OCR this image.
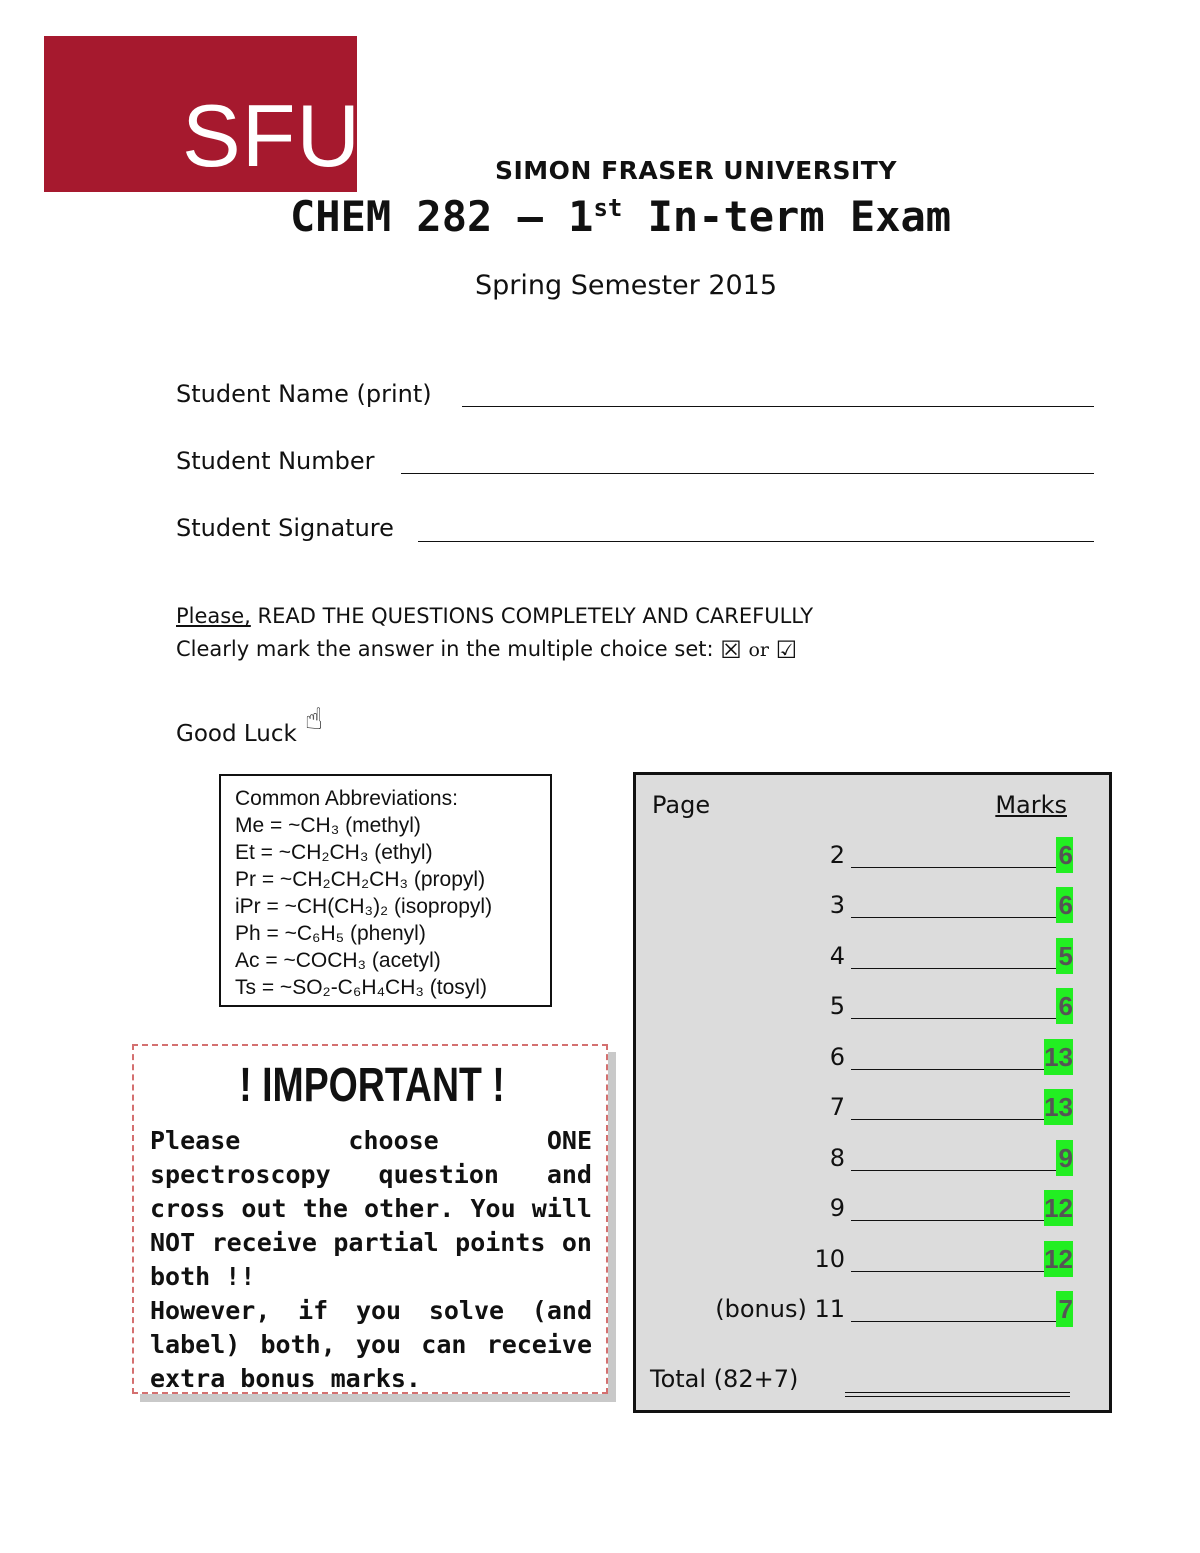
SFU	SIMON FRASER UNIVERSITY
CHEM 282 – 1st In-term Exam
Spring Semester 2015
Student Name (print)
Student Number
Student Signature
Please, READ THE QUESTIONS COMPLETELY AND CAREFULLY
Clearly mark the answer in the multiple choice set: ☒ or ☑
Good Luck ☝
Common Abbreviations:
Me = ~CH₃ (methyl)
Et = ~CH₂CH₃ (ethyl)
Pr = ~CH₂CH₂CH₃ (propyl)
iPr = ~CH(CH₃)₂ (isopropyl)
Ph = ~C₆H₅ (phenyl)
Ac = ~COCH₃ (acetyl)
Ts = ~SO₂-C₆H₄CH₃ (tosyl)
! IMPORTANT !
Please choose ONE spectroscopy question and cross out the other. You will NOT receive partial points on both !!
However, if you solve (and label) both, you can receive extra bonus marks.
Page	Marks
2	6
3	6
4	5
5	6
6	13
7	13
8	9
9	12
10	12
(bonus) 11	7
Total (82+7)
